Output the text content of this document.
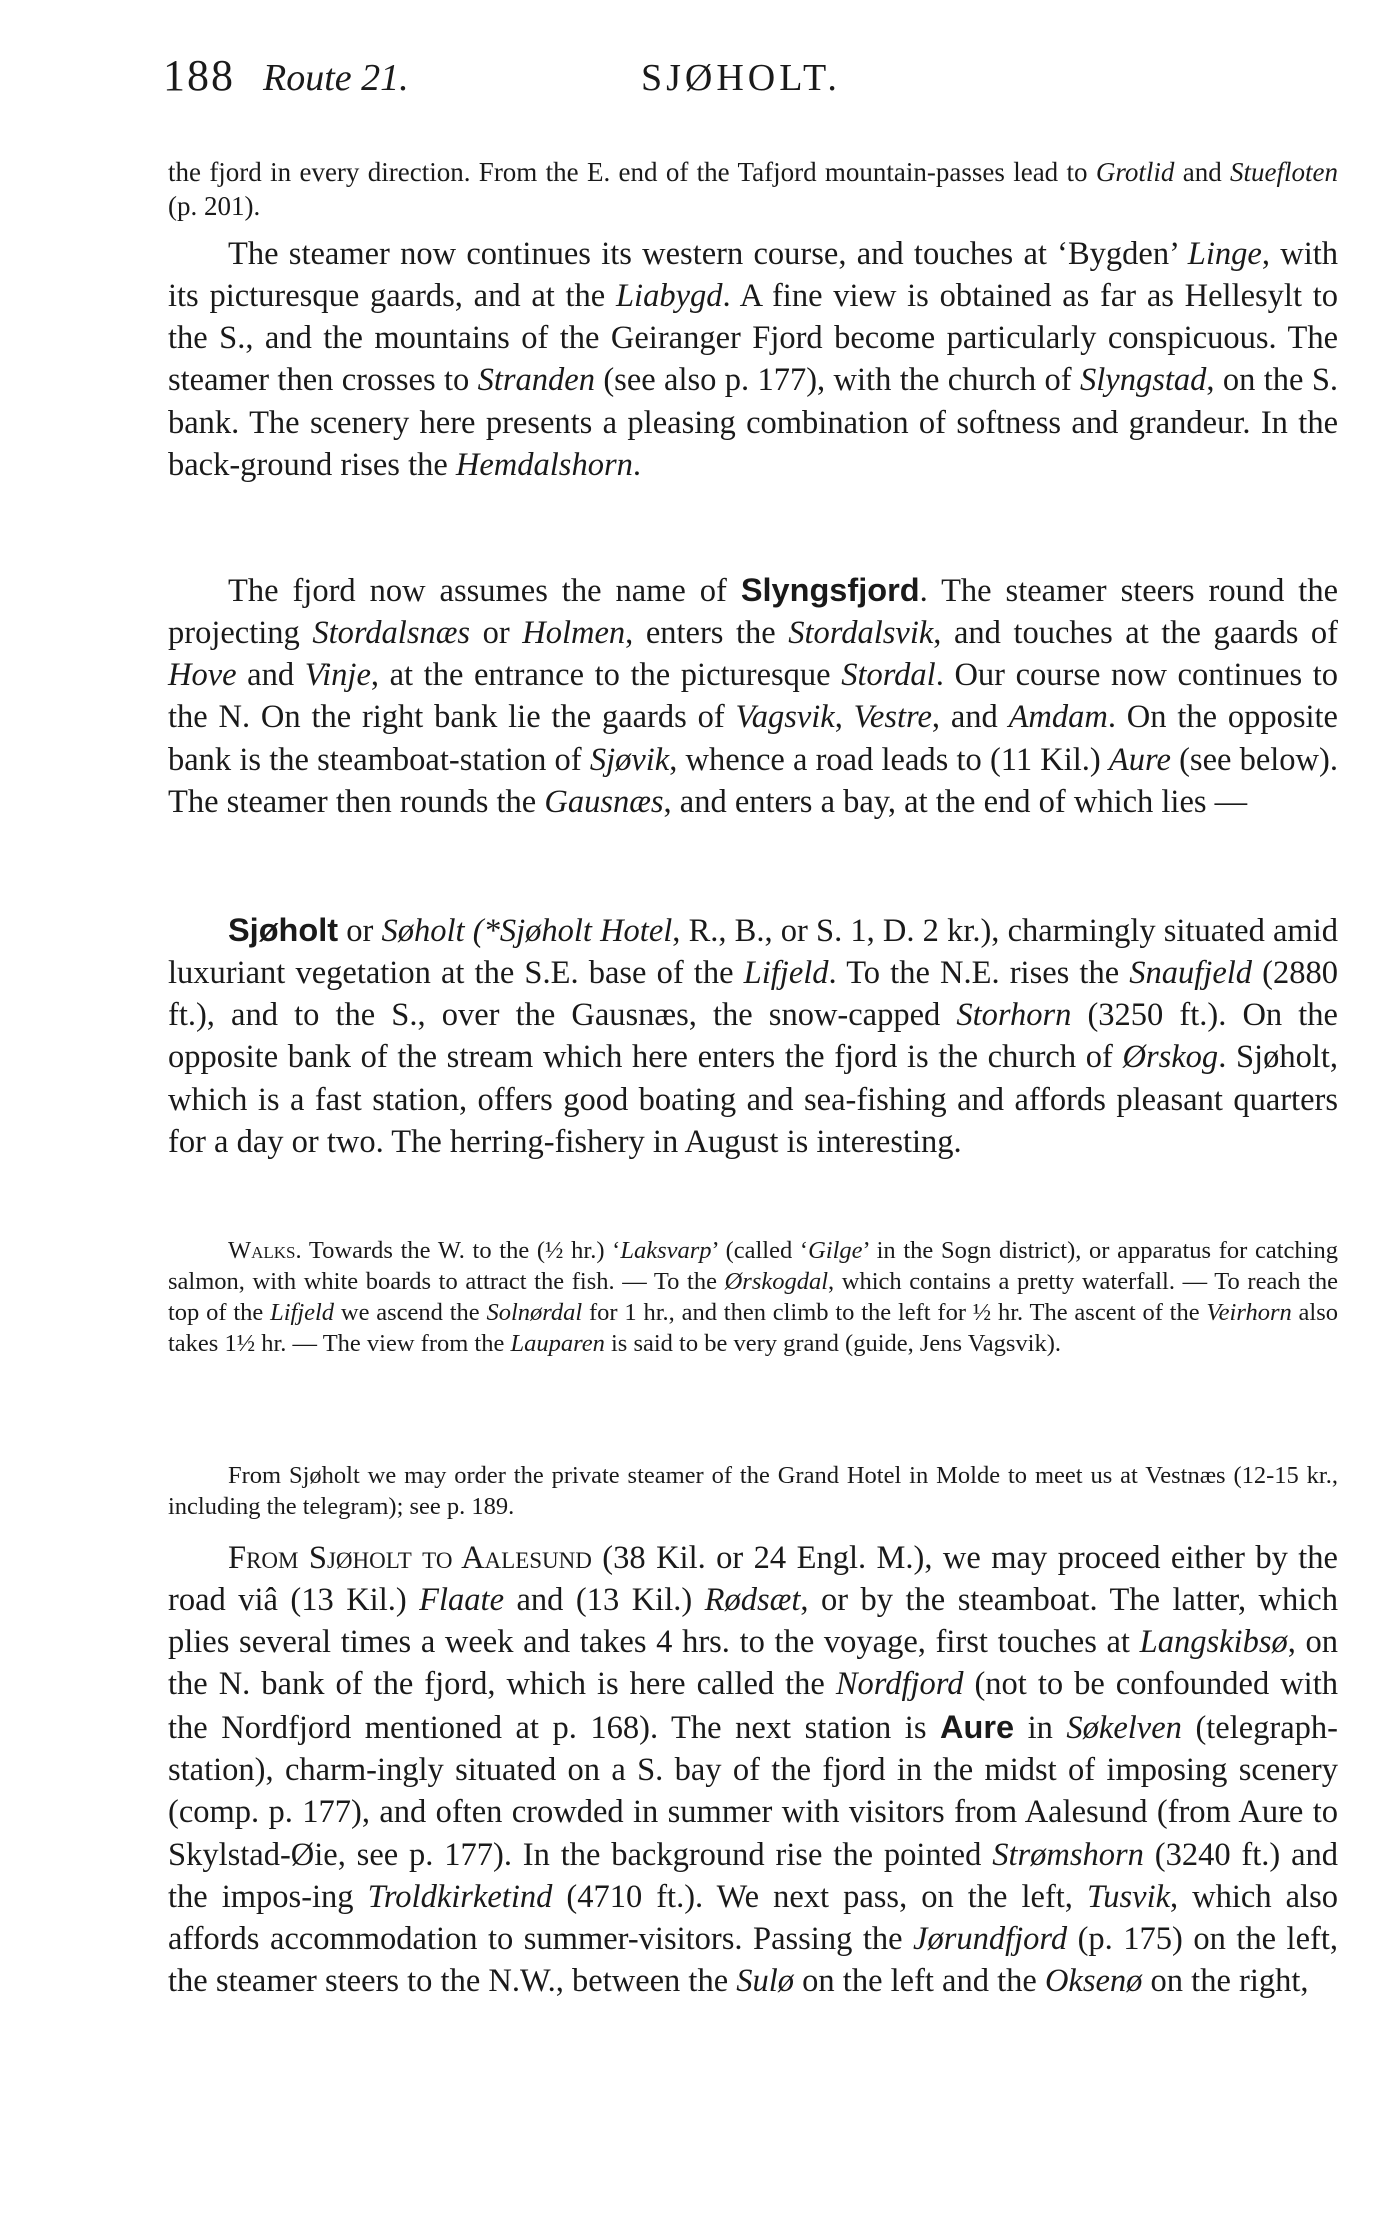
188 Route 21.	SJØHOLT.

the fjord in every direction. From the E. end of the Tafjord mountain-passes lead to Grotlid and Stuefloten (p. 201).

The steamer now continues its western course, and touches at ‘Bygden’ Linge, with its picturesque gaards, and at the Liabygd. A fine view is obtained as far as Hellesylt to the S., and the mountains of the Geiranger Fjord become particularly conspicuous. The steamer then crosses to Stranden (see also p. 177), with the church of Slyngstad, on the S. bank. The scenery here presents a pleasing combination of softness and grandeur. In the back-ground rises the Hemdalshorn.

The fjord now assumes the name of Slyngsfjord. The steamer steers round the projecting Stordalsnæs or Holmen, enters the Stordalsvik, and touches at the gaards of Hove and Vinje, at the entrance to the picturesque Stordal. Our course now continues to the N. On the right bank lie the gaards of Vagsvik, Vestre, and Amdam. On the opposite bank is the steamboat-station of Sjøvik, whence a road leads to (11 Kil.) Aure (see below). The steamer then rounds the Gausnæs, and enters a bay, at the end of which lies —

Sjøholt or Søholt (*Sjøholt Hotel, R., B., or S. 1, D. 2 kr.), charmingly situated amid luxuriant vegetation at the S.E. base of the Lifjeld. To the N.E. rises the Snaufjeld (2880 ft.), and to the S., over the Gausnæs, the snow-capped Storhorn (3250 ft.). On the opposite bank of the stream which here enters the fjord is the church of Ørskog. Sjøholt, which is a fast station, offers good boating and sea-fishing and affords pleasant quarters for a day or two. The herring-fishery in August is interesting.

Walks. Towards the W. to the (½ hr.) ‘Laksvarp’ (called ‘Gilge’ in the Sogn district), or apparatus for catching salmon, with white boards to attract the fish. — To the Ørskogdal, which contains a pretty waterfall. — To reach the top of the Lifjeld we ascend the Solnørdal for 1 hr., and then climb to the left for ½ hr. The ascent of the Veirhorn also takes 1½ hr. — The view from the Lauparen is said to be very grand (guide, Jens Vagsvik).

From Sjøholt we may order the private steamer of the Grand Hotel in Molde to meet us at Vestnæs (12-15 kr., including the telegram); see p. 189.

From Sjøholt to Aalesund (38 Kil. or 24 Engl. M.), we may proceed either by the road viâ (13 Kil.) Flaate and (13 Kil.) Rødsæt, or by the steamboat. The latter, which plies several times a week and takes 4 hrs. to the voyage, first touches at Langskibsø, on the N. bank of the fjord, which is here called the Nordfjord (not to be confounded with the Nordfjord mentioned at p. 168). The next station is Aure in Søkelven (telegraph-station), charm-ingly situated on a S. bay of the fjord in the midst of imposing scenery (comp. p. 177), and often crowded in summer with visitors from Aalesund (from Aure to Skylstad-Øie, see p. 177). In the background rise the pointed Strømshorn (3240 ft.) and the impos-ing Troldkirketind (4710 ft.). We next pass, on the left, Tusvik, which also affords accommodation to summer-visitors. Passing the Jørundfjord (p. 175) on the left, the steamer steers to the N.W., between the Sulø on the left and the Oksenø on the right,
